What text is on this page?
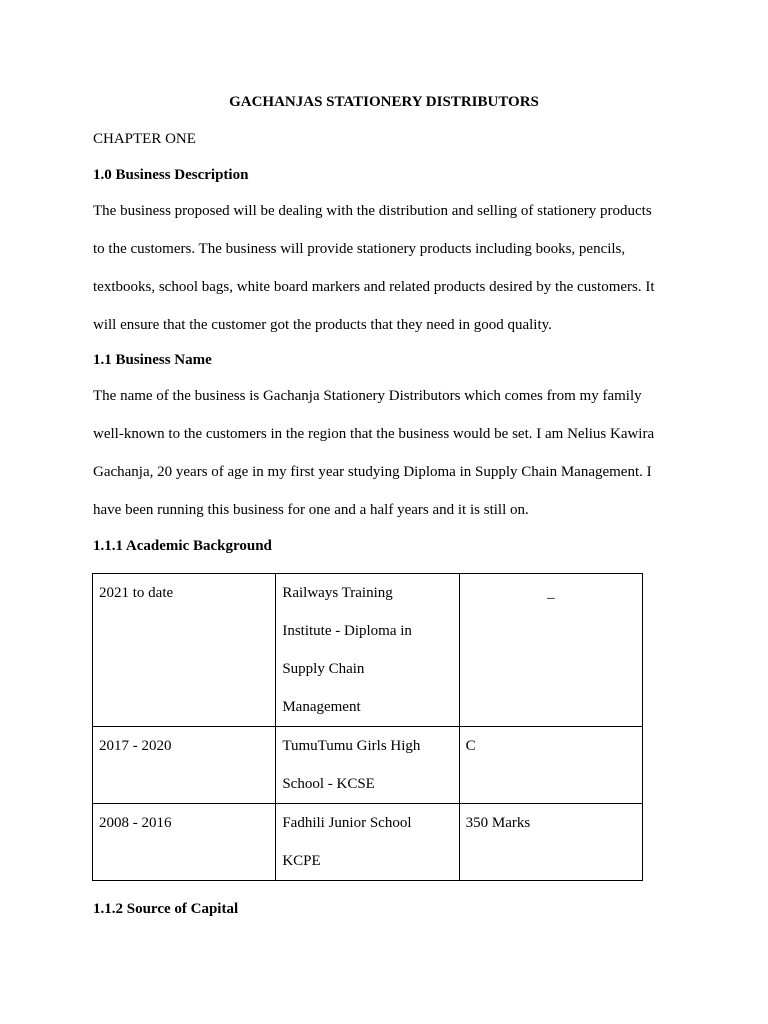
GACHANJAS STATIONERY DISTRIBUTORS
CHAPTER ONE
1.0 Business Description
The business proposed will be dealing with the distribution and selling of stationery products
to the customers. The business will provide stationery products including books, pencils,
textbooks, school bags, white board markers and related products desired by the customers. It
will ensure that the customer got the products that they need in good quality.
1.1 Business Name
The name of the business is Gachanja Stationery Distributors which comes from my family
well-known to the customers in the region that the business would be set. I am Nelius Kawira
Gachanja, 20 years of age in my first year studying Diploma in Supply Chain Management. I
have been running this business for one and a half years and it is still on.
1.1.1 Academic Background
2021 to date	Railways Training
Institute - Diploma in
Supply Chain
Management	_

2017 - 2020	TumuTumu Girls High
School - KCSE	C

2008 - 2016	Fadhili Junior School
KCPE	350 Marks
1.1.2 Source of Capital
